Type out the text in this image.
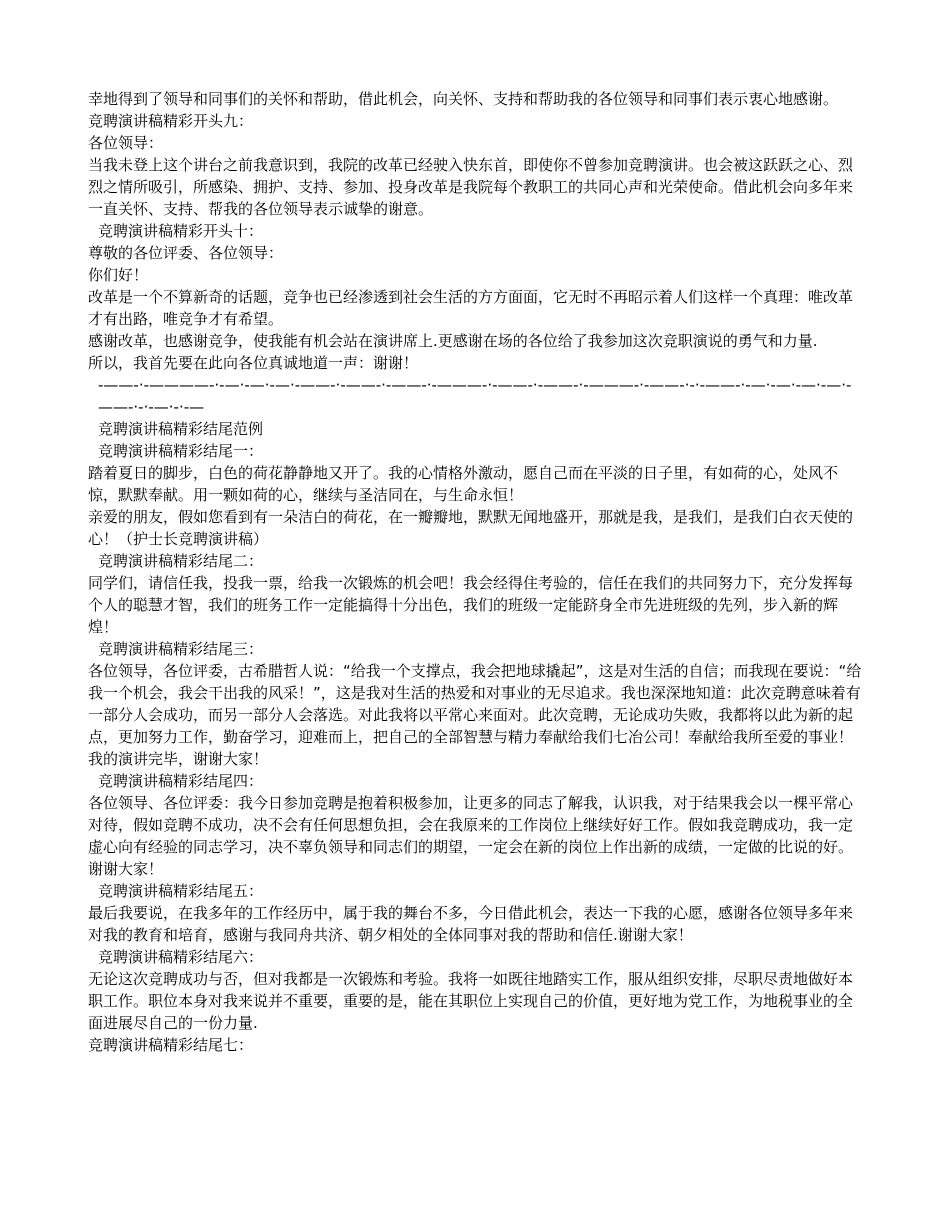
幸地得到了领导和同事们的关怀和帮助，借此机会，向关怀、支持和帮助我的各位领导和同事们表示衷心地感谢。

竞聘演讲稿精彩开头九：

各位领导：

当我未登上这个讲台之前我意识到，我院的改革已经驶入快东首，即使你不曾参加竞聘演讲。也会被这跃跃之心、烈烈之情所吸引，所感染、拥护、支持、参加、投身改革是我院每个教职工的共同心声和光荣使命。借此机会向多年来一直关怀、支持、帮我的各位领导表示诚挚的谢意。

竞聘演讲稿精彩开头十：

尊敬的各位评委、各位领导：

你们好！

改革是一个不算新奇的话题，竞争也已经渗透到社会生活的方方面面，它无时不再昭示着人们这样一个真理：唯改革才有出路，唯竞争才有希望。

感谢改革，也感谢竞争，使我能有机会站在演讲席上.更感谢在场的各位给了我参加这次竞职演说的勇气和力量.

所以，我首先要在此向各位真诚地道一声：谢谢！

-——-·-————-·-—·-—·-—·-——-·-——-·-——-·-———-·-——-·-——-·-———-·-——-·-·-——-·-—·-—·-—·-—·-——-·-·-—·-·-—

竞聘演讲稿精彩结尾范例

竞聘演讲稿精彩结尾一：

踏着夏日的脚步，白色的荷花静静地又开了。我的心情格外激动，愿自己而在平淡的日子里，有如荷的心，处风不惊，默默奉献。用一颗如荷的心，继续与圣洁同在，与生命永恒！

亲爱的朋友，假如您看到有一朵洁白的荷花，在一瓣瓣地，默默无闻地盛开，那就是我，是我们，是我们白衣天使的心！（护士长竞聘演讲稿）

竞聘演讲稿精彩结尾二：

同学们，请信任我，投我一票，给我一次锻炼的机会吧！我会经得住考验的，信任在我们的共同努力下，充分发挥每个人的聪慧才智，我们的班务工作一定能搞得十分出色，我们的班级一定能跻身全市先进班级的先列，步入新的辉煌！

竞聘演讲稿精彩结尾三：

各位领导，各位评委，古希腊哲人说：“给我一个支撑点，我会把地球撬起”，这是对生活的自信；而我现在要说：“给我一个机会，我会干出我的风采！”，这是我对生活的热爱和对事业的无尽追求。我也深深地知道：此次竞聘意味着有一部分人会成功，而另一部分人会落选。对此我将以平常心来面对。此次竞聘，无论成功失败，我都将以此为新的起点，更加努力工作，勤奋学习，迎难而上，把自己的全部智慧与精力奉献给我们七冶公司！奉献给我所至爱的事业！

我的演讲完毕，谢谢大家！

竞聘演讲稿精彩结尾四：

各位领导、各位评委：我今日参加竞聘是抱着积极参加，让更多的同志了解我，认识我，对于结果我会以一棵平常心对待，假如竞聘不成功，决不会有任何思想负担，会在我原来的工作岗位上继续好好工作。假如我竞聘成功，我一定虚心向有经验的同志学习，决不辜负领导和同志们的期望，一定会在新的岗位上作出新的成绩，一定做的比说的好。谢谢大家！

竞聘演讲稿精彩结尾五：

最后我要说，在我多年的工作经历中，属于我的舞台不多，今日借此机会，表达一下我的心愿，感谢各位领导多年来对我的教育和培育，感谢与我同舟共济、朝夕相处的全体同事对我的帮助和信任.谢谢大家！

竞聘演讲稿精彩结尾六：

无论这次竞聘成功与否，但对我都是一次锻炼和考验。我将一如既往地踏实工作，服从组织安排，尽职尽责地做好本职工作。职位本身对我来说并不重要，重要的是，能在其职位上实现自己的价值，更好地为党工作，为地税事业的全面进展尽自己的一份力量.

竞聘演讲稿精彩结尾七：
